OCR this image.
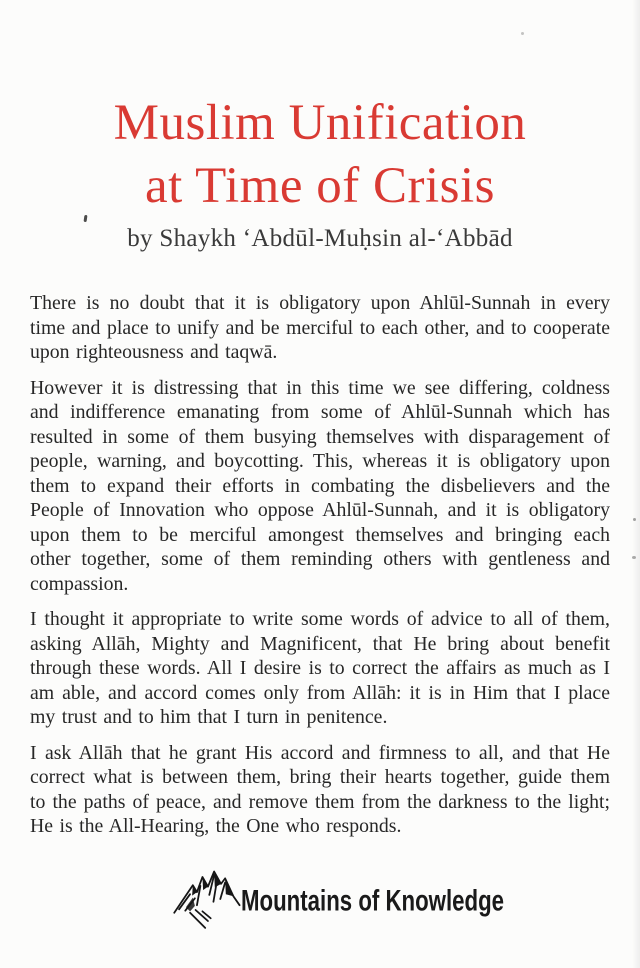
Muslim Unification
at Time of Crisis
by Shaykh ‘Abdūl-Muḥsin al-‘Abbād

There is no doubt that it is obligatory upon Ahlūl-Sunnah in every time and place to unify and be merciful to each other, and to cooperate upon righteousness and taqwā.

However it is distressing that in this time we see differing, coldness and indifference emanating from some of Ahlūl-Sunnah which has resulted in some of them busying themselves with disparagement of people, warning, and boycotting. This, whereas it is obligatory upon them to expand their efforts in combating the disbelievers and the People of Innovation who oppose Ahlūl-Sunnah, and it is obligatory upon them to be merciful amongest themselves and bringing each other together, some of them reminding others with gentleness and compassion.

I thought it appropriate to write some words of advice to all of them, asking Allāh, Mighty and Magnificent, that He bring about benefit through these words. All I desire is to correct the affairs as much as I am able, and accord comes only from Allāh: it is in Him that I place my trust and to him that I turn in penitence.

I ask Allāh that he grant His accord and firmness to all, and that He correct what is between them, bring their hearts together, guide them to the paths of peace, and remove them from the darkness to the light; He is the All-Hearing, the One who responds.

Mountains of Knowledge
